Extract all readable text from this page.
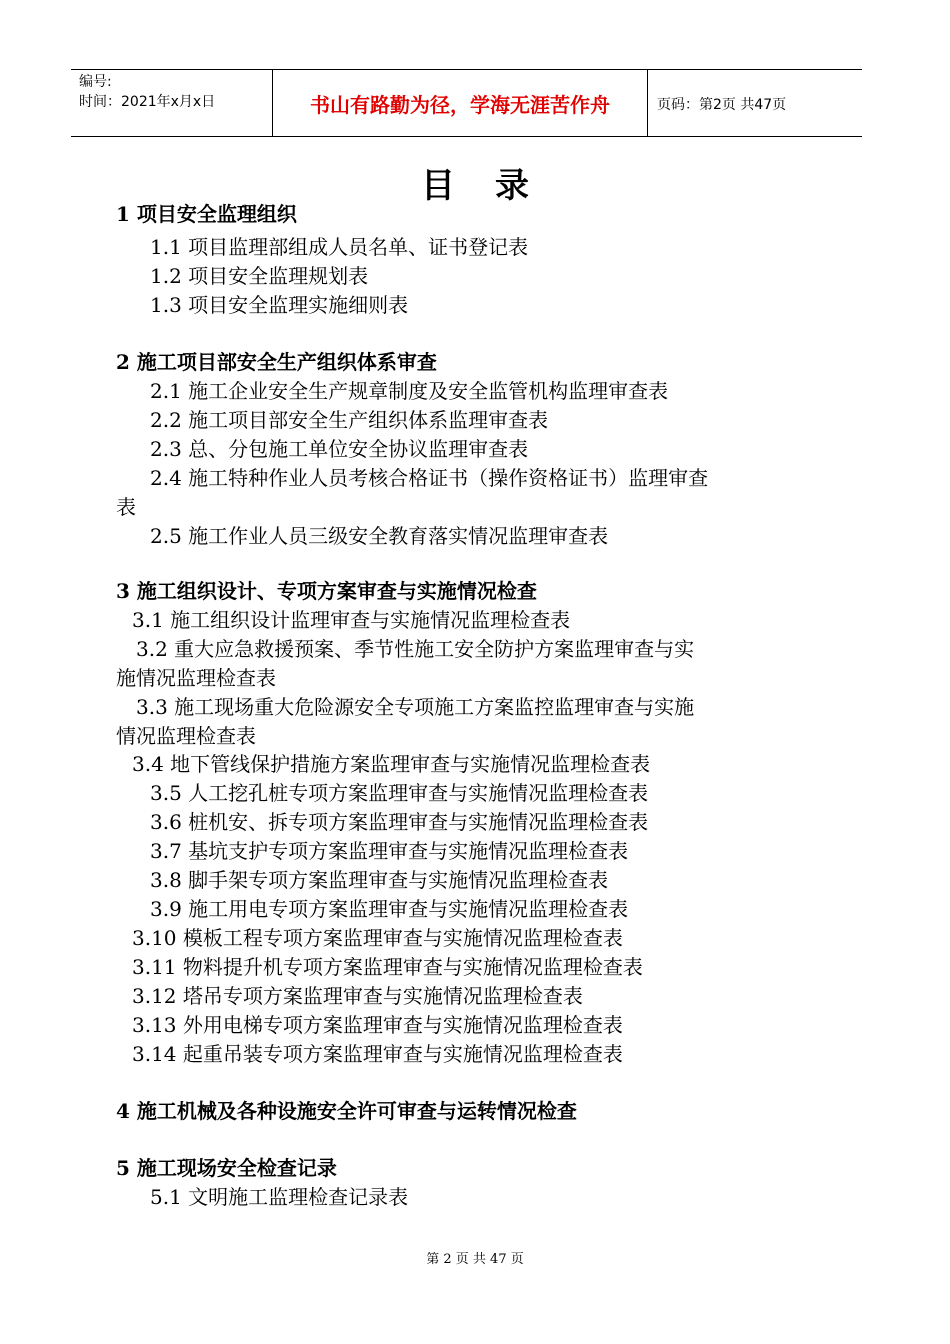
编号:
时间：2021年x月x日	书山有路勤为径，学海无涯苦作舟	页码：第2页 共47页
目录
1 项目安全监理组织
1.1 项目监理部组成人员名单、证书登记表
1.2 项目安全监理规划表
1.3 项目安全监理实施细则表
2 施工项目部安全生产组织体系审查
2.1 施工企业安全生产规章制度及安全监管机构监理审查表
2.2 施工项目部安全生产组织体系监理审查表
2.3 总、分包施工单位安全协议监理审查表
2.4 施工特种作业人员考核合格证书（操作资格证书）监理审查
表
2.5 施工作业人员三级安全教育落实情况监理审查表
3 施工组织设计、专项方案审查与实施情况检查
3.1 施工组织设计监理审查与实施情况监理检查表
3.2 重大应急救援预案、季节性施工安全防护方案监理审查与实
施情况监理检查表
3.3 施工现场重大危险源安全专项施工方案监控监理审查与实施
情况监理检查表
3.4 地下管线保护措施方案监理审查与实施情况监理检查表
3.5 人工挖孔桩专项方案监理审查与实施情况监理检查表
3.6 桩机安、拆专项方案监理审查与实施情况监理检查表
3.7 基坑支护专项方案监理审查与实施情况监理检查表
3.8 脚手架专项方案监理审查与实施情况监理检查表
3.9 施工用电专项方案监理审查与实施情况监理检查表
3.10 模板工程专项方案监理审查与实施情况监理检查表
3.11 物料提升机专项方案监理审查与实施情况监理检查表
3.12 塔吊专项方案监理审查与实施情况监理检查表
3.13 外用电梯专项方案监理审查与实施情况监理检查表
3.14 起重吊装专项方案监理审查与实施情况监理检查表
4 施工机械及各种设施安全许可审查与运转情况检查
5 施工现场安全检查记录
5.1 文明施工监理检查记录表
第 2 页 共 47 页
